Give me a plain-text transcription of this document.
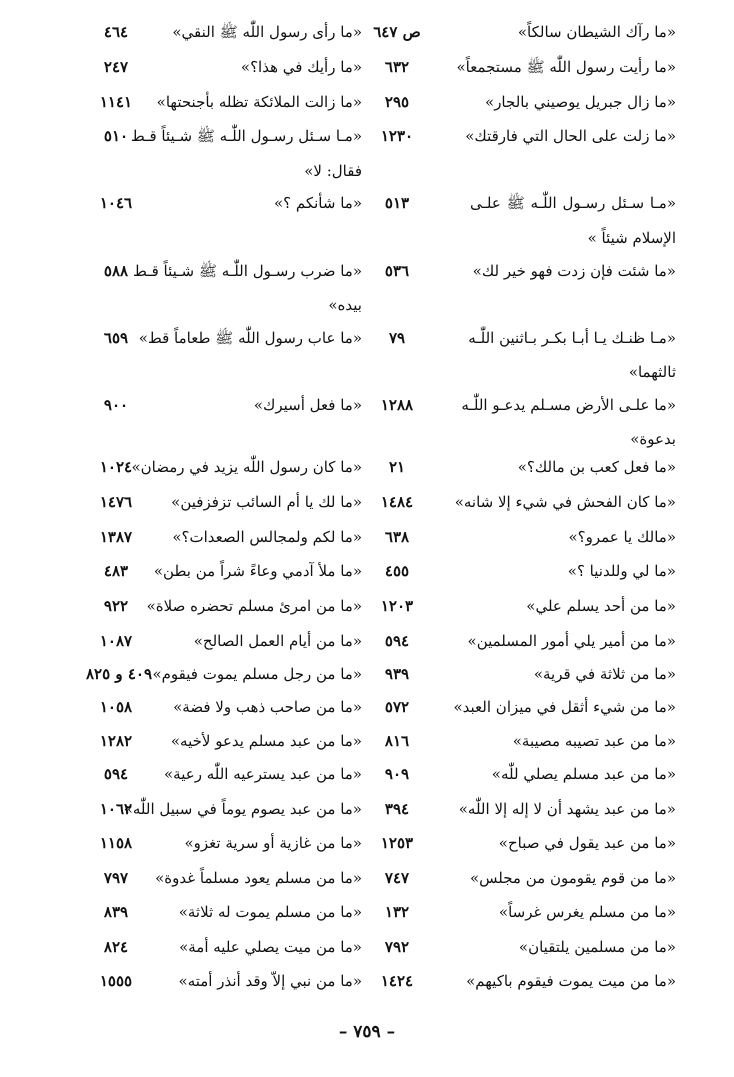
«ما رآك الشيطان سالكاً»
ص ٦٤٧
«ما رأى رسول اللّٰه ﷺ النقي»
٤٦٤
«ما رأيت رسول اللّٰه ﷺ مستجمعاً»
٦٣٢
«ما رأيك في هذا؟»
٢٤٧
«ما زال جبريل يوصيني بالجار»
٢٩٥
«ما زالت الملائكة تظله بأجنحتها»
١١٤١
«ما زلت على الحال التي فارقتك»
١٢٣٠
«مـا سـئل رسـول اللّٰـه ﷺ شـيئاً قـط
٥١٠
فقال: لا»
«مـا سـئل رسـول اللّٰـه ﷺ علـى
٥١٣
«ما شأنكم ؟»
١٠٤٦
الإسلام شيئاً »
«ما شئت فإن زدت فهو خير لك»
٥٣٦
«ما ضرب رسـول اللّٰـه ﷺ شـيئاً قـط
٥٨٨
بيده»
«مـا ظنـك يـا أبـا بكـر بـاثنين اللّٰـه
٧٩
«ما عاب رسول اللّٰه ﷺ طعاماً قط»
٦٥٩
ثالثهما»
«ما علـى الأرض مسـلم يدعـو اللّٰـه
١٢٨٨
«ما فعل أسيرك»
٩٠٠
بدعوة»
«ما فعل كعب بن مالك؟»
٢١
«ما كان رسول اللّٰه يزيد في رمضان»
١٠٢٤
«ما كان الفحش في شيء إلا شانه»
١٤٨٤
«ما لك يا أم السائب تزفزفين»
١٤٧٦
«مالك يا عمرو؟»
٦٣٨
«ما لكم ولمجالس الصعدات؟»
١٣٨٧
«ما لي وللدنيا ؟»
٤٥٥
«ما ملأ آدمي وعاءً شراً من بطن»
٤٨٣
«ما من أحد يسلم علي»
١٢٠٣
«ما من امرئ مسلم تحضره صلاة»
٩٢٢
«ما من أمير يلي أمور المسلمين»
٥٩٤
«ما من أيام العمل الصالح»
١٠٨٧
«ما من ثلاثة في قرية»
٩٣٩
«ما من رجل مسلم يموت فيقوم»
٤٠٩ و ٨٢٥
«ما من شيء أثقل في ميزان العبد»
٥٧٢
«ما من صاحب ذهب ولا فضة»
١٠٥٨
«ما من عبد تصيبه مصيبة»
٨١٦
«ما من عبد مسلم يدعو لأخيه»
١٢٨٢
«ما من عبد مسلم يصلي للّٰه»
٩٠٩
«ما من عبد يسترعيه اللّٰه رعية»
٥٩٤
«ما من عبد يشهد أن لا إله إلا اللّٰه»
٣٩٤
«ما من عبد يصوم يوماً في سبيل اللّٰه»
١٠٦٢
«ما من عبد يقول في صباح»
١٢٥٣
«ما من غازية أو سرية تغزو»
١١٥٨
«ما من قوم يقومون من مجلس»
٧٤٧
«ما من مسلم يعود مسلماً غدوة»
٧٩٧
«ما من مسلم يغرس غرساً»
١٣٢
«ما من مسلم يموت له ثلاثة»
٨٣٩
«ما من مسلمين يلتقيان»
٧٩٢
«ما من ميت يصلي عليه أمة»
٨٢٤
«ما من ميت يموت فيقوم باكيهم»
١٤٢٤
«ما من نبي إلاّ وقد أنذر أمته»
١٥٥٥
– ٧٥٩ –
